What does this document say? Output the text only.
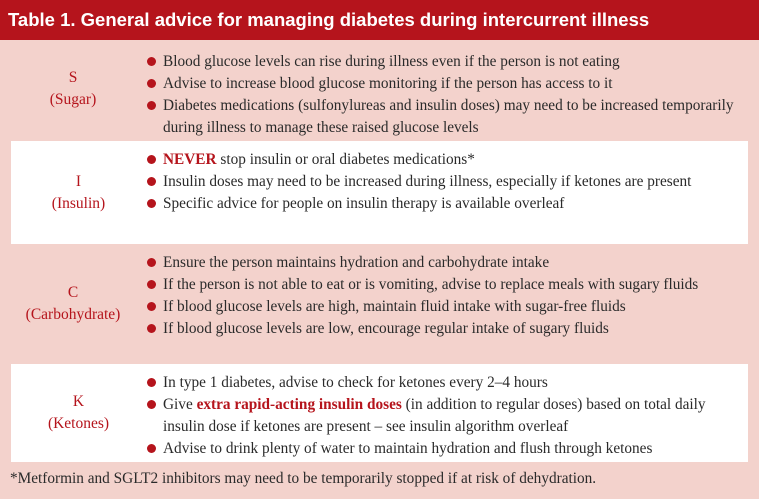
Table 1. General advice for managing diabetes during intercurrent illness
S
(Sugar)
Blood glucose levels can rise during illness even if the person is not eating
Advise to increase blood glucose monitoring if the person has access to it
Diabetes medications (sulfonylureas and insulin doses) may need to be increased temporarily during illness to manage these raised glucose levels
I
(Insulin)
NEVER stop insulin or oral diabetes medications*
Insulin doses may need to be increased during illness, especially if ketones are present
Specific advice for people on insulin therapy is available overleaf
C
(Carbohydrate)
Ensure the person maintains hydration and carbohydrate intake
If the person is not able to eat or is vomiting, advise to replace meals with sugary fluids
If blood glucose levels are high, maintain fluid intake with sugar-free fluids
If blood glucose levels are low, encourage regular intake of sugary fluids
K
(Ketones)
In type 1 diabetes, advise to check for ketones every 2–4 hours
Give extra rapid-acting insulin doses (in addition to regular doses) based on total daily insulin dose if ketones are present – see insulin algorithm overleaf
Advise to drink plenty of water to maintain hydration and flush through ketones
*Metformin and SGLT2 inhibitors may need to be temporarily stopped if at risk of dehydration.
